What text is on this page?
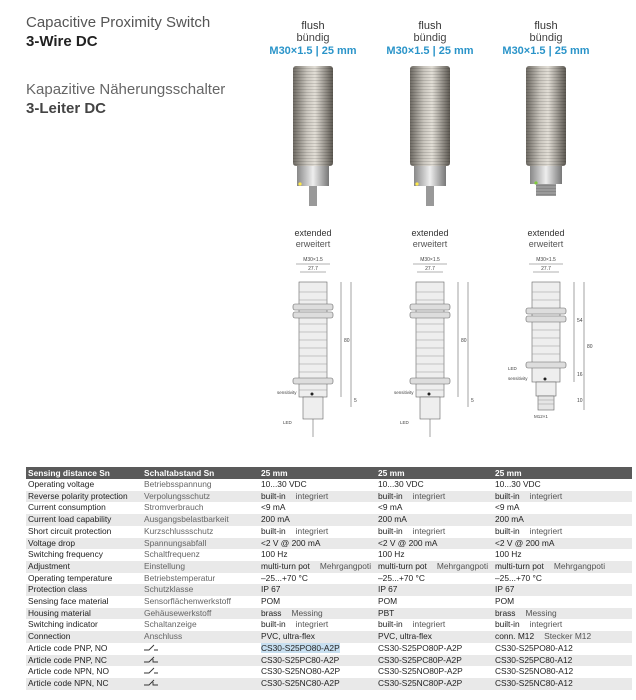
Capacitive Proximity Switch
3-Wire DC
Kapazitive Näherungsschalter
3-Leiter DC
flush
bündig
M30×1.5 | 25 mm
flush
bündig
M30×1.5 | 25 mm
flush
bündig
M30×1.5 | 25 mm
extended
erweitert
extended
erweitert
extended
erweitert
M30×1.5
27.7
80
5
sensitivity
LED
M30×1.5
27.7
80
5
sensitivity
LED
M30×1.5
27.7
54
80
16
10
LED
sensitivity
M12×1
Sensing distance Sn	Schaltabstand Sn	25 mm	25 mm	25 mm
Operating voltage	Betriebsspannung	10...30 VDC	10...30 VDC	10...30 VDC
Reverse polarity protection	Verpolungsschutz	built-in integriert	built-in integriert	built-in integriert
Current consumption	Stromverbrauch	<9 mA	<9 mA	<9 mA
Current load capability	Ausgangsbelastbarkeit	200 mA	200 mA	200 mA
Short circuit protection	Kurzschlussschutz	built-in integriert	built-in integriert	built-in integriert
Voltage drop	Spannungsabfall	<2 V @ 200 mA	<2 V @ 200 mA	<2 V @ 200 mA
Switching frequency	Schaltfrequenz	100 Hz	100 Hz	100 Hz
Adjustment	Einstellung	multi-turn pot Mehrgangpoti	multi-turn pot Mehrgangpoti	multi-turn pot Mehrgangpoti
Operating temperature	Betriebstemperatur	–25...+70 °C	–25...+70 °C	–25...+70 °C
Protection class	Schutzklasse	IP 67	IP 67	IP 67
Sensing face material	Sensorflächenwerkstoff	POM	POM	POM
Housing material	Gehäusewerkstoff	brass Messing	PBT	brass Messing
Switching indicator	Schaltanzeige	built-in integriert	built-in integriert	built-in integriert
Connection	Anschluss	PVC, ultra-flex	PVC, ultra-flex	conn. M12 Stecker M12
Article code PNP, NO		CS30-S25PO80-A2P	CS30-S25PO80P-A2P	CS30-S25PO80-A12
Article code PNP, NC		CS30-S25PC80-A2P	CS30-S25PC80P-A2P	CS30-S25PC80-A12
Article code NPN, NO		CS30-S25NO80-A2P	CS30-S25NO80P-A2P	CS30-S25NO80-A12
Article code NPN, NC		CS30-S25NC80-A2P	CS30-S25NC80P-A2P	CS30-S25NC80-A12
